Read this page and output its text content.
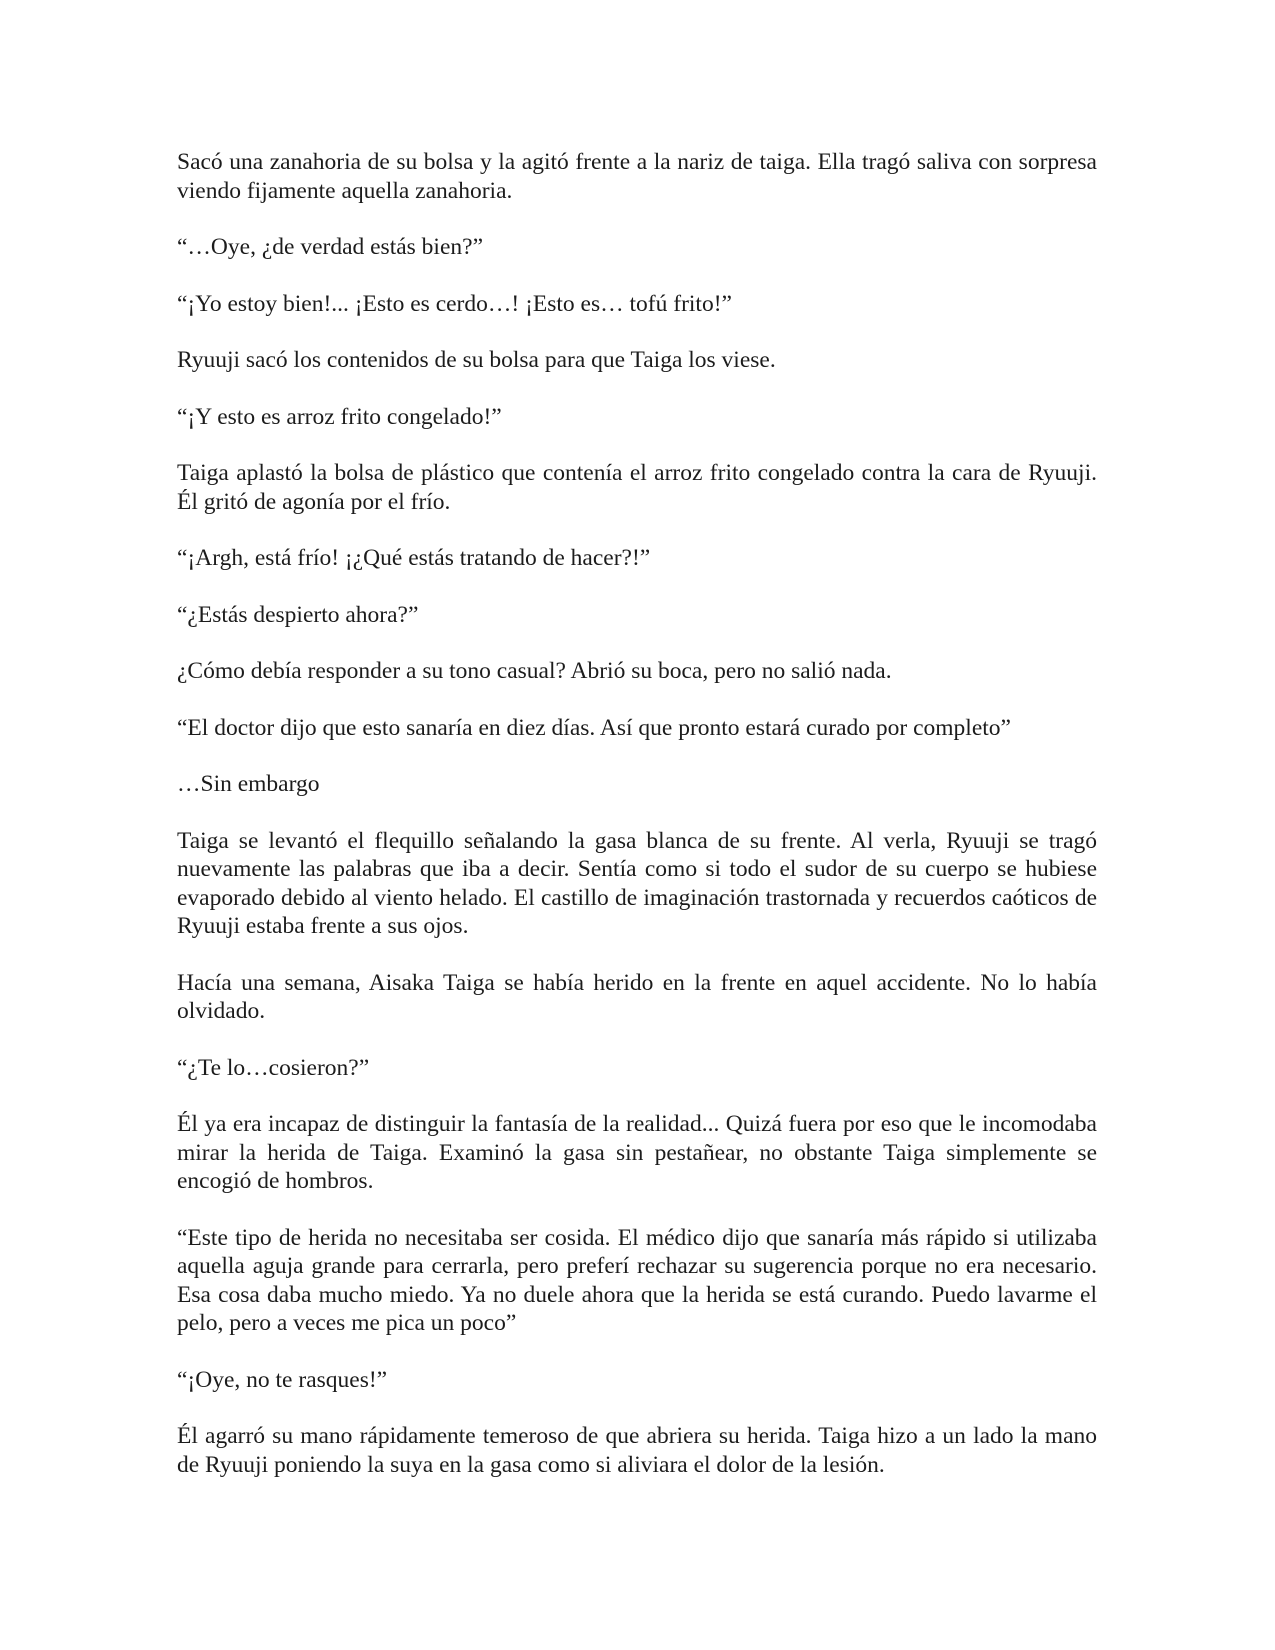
Sacó una zanahoria de su bolsa y la agitó frente a la nariz de taiga. Ella tragó saliva con sorpresa viendo fijamente aquella zanahoria.

“…Oye, ¿de verdad estás bien?”

“¡Yo estoy bien!... ¡Esto es cerdo…! ¡Esto es… tofú frito!”

Ryuuji sacó los contenidos de su bolsa para que Taiga los viese.

“¡Y esto es arroz frito congelado!”

Taiga aplastó la bolsa de plástico que contenía el arroz frito congelado contra la cara de Ryuuji. Él gritó de agonía por el frío.

“¡Argh, está frío! ¡¿Qué estás tratando de hacer?!”

“¿Estás despierto ahora?”

¿Cómo debía responder a su tono casual? Abrió su boca, pero no salió nada.

“El doctor dijo que esto sanaría en diez días. Así que pronto estará curado por completo”

…Sin embargo

Taiga se levantó el flequillo señalando la gasa blanca de su frente. Al verla, Ryuuji se tragó nuevamente las palabras que iba a decir. Sentía como si todo el sudor de su cuerpo se hubiese evaporado debido al viento helado. El castillo de imaginación trastornada y recuerdos caóticos de Ryuuji estaba frente a sus ojos.

Hacía una semana, Aisaka Taiga se había herido en la frente en aquel accidente. No lo había olvidado.

“¿Te lo…cosieron?”

Él ya era incapaz de distinguir la fantasía de la realidad... Quizá fuera por eso que le incomodaba mirar la herida de Taiga. Examinó la gasa sin pestañear, no obstante Taiga simplemente se encogió de hombros.

“Este tipo de herida no necesitaba ser cosida. El médico dijo que sanaría más rápido si utilizaba aquella aguja grande para cerrarla, pero preferí rechazar su sugerencia porque no era necesario. Esa cosa daba mucho miedo. Ya no duele ahora que la herida se está curando. Puedo lavarme el pelo, pero a veces me pica un poco”

“¡Oye, no te rasques!”

Él agarró su mano rápidamente temeroso de que abriera su herida. Taiga hizo a un lado la mano de Ryuuji poniendo la suya en la gasa como si aliviara el dolor de la lesión.
